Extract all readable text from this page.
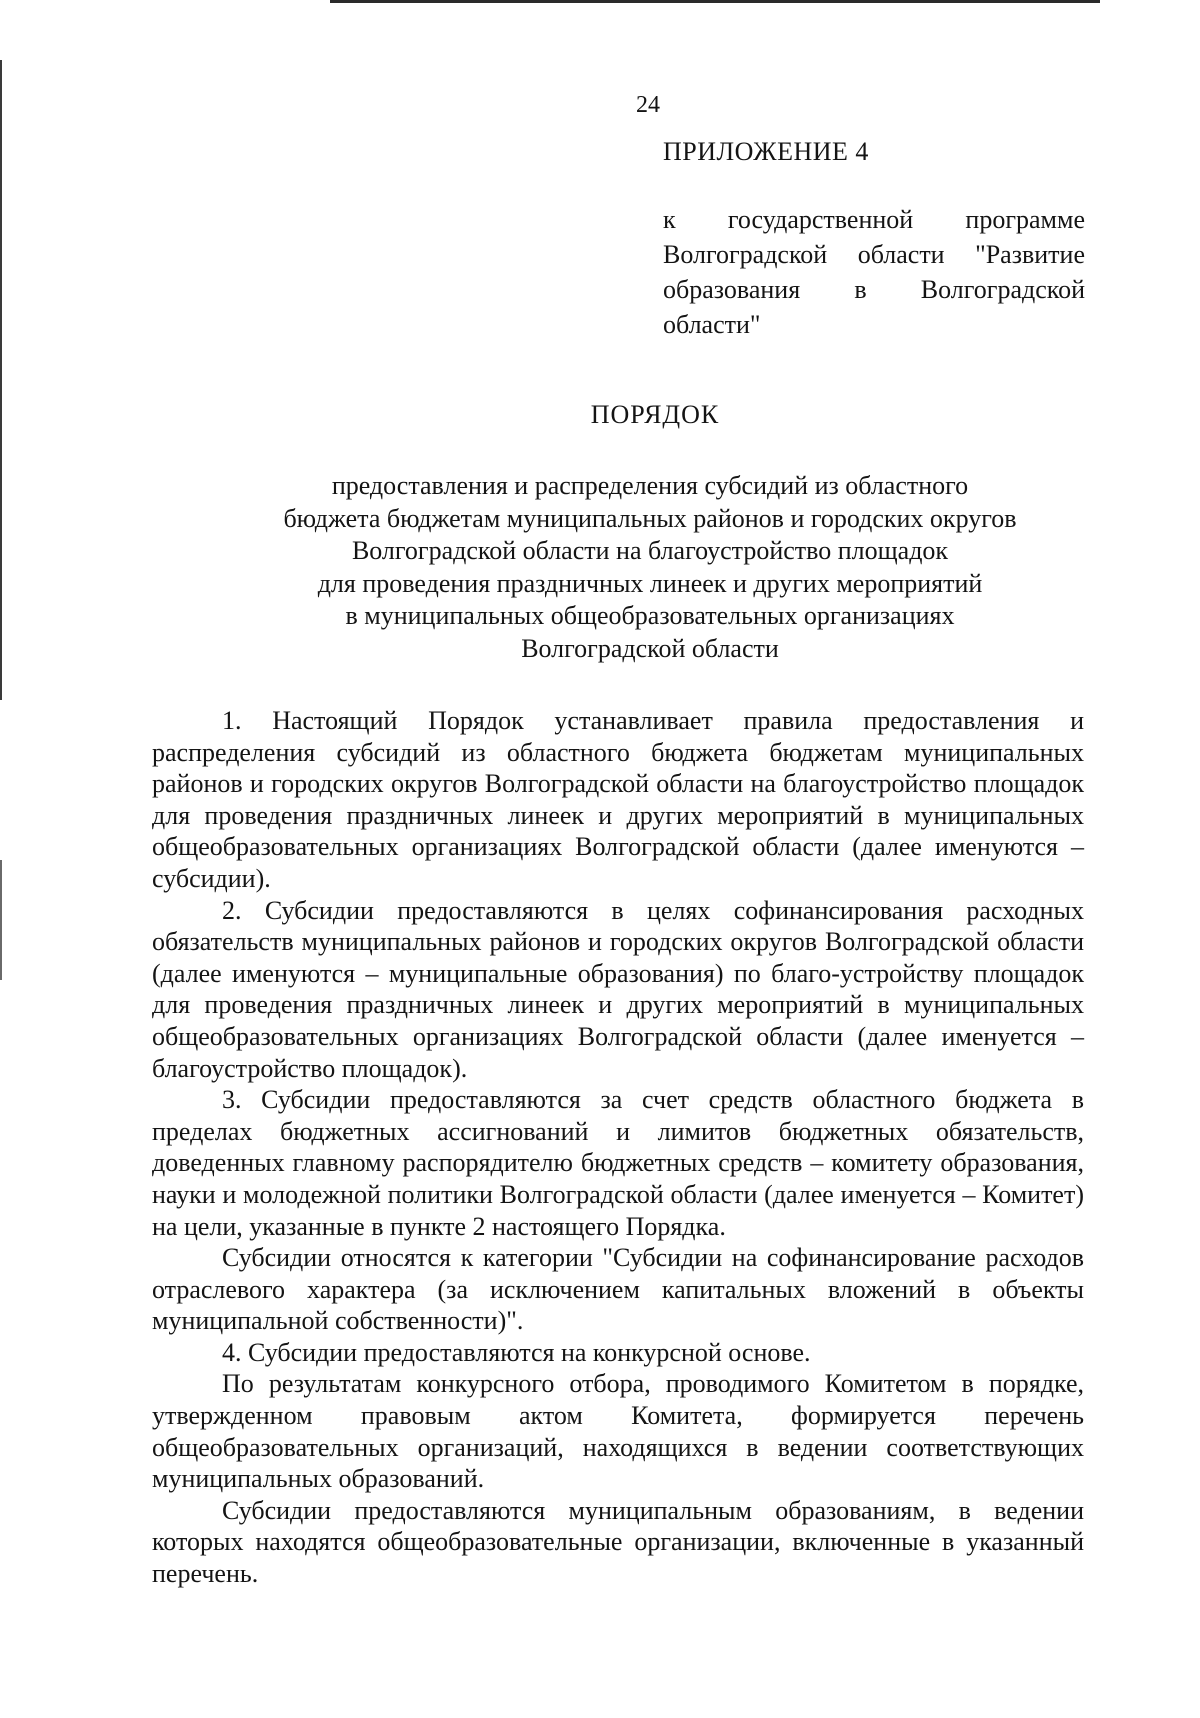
24
ПРИЛОЖЕНИЕ 4
к государственной программе Волгоградской области "Развитие образования в Волгоградской области"
ПОРЯДОК
предоставления и распределения субсидий из областного
бюджета бюджетам муниципальных районов и городских округов
Волгоградской области на благоустройство площадок
для проведения праздничных линеек и других мероприятий
в муниципальных общеобразовательных организациях
Волгоградской области

1. Настоящий Порядок устанавливает правила предоставления и распределения субсидий из областного бюджета бюджетам муниципальных районов и городских округов Волгоградской области на благоустройство площадок для проведения праздничных линеек и других мероприятий в муниципальных общеобразовательных организациях Волгоградской области (далее именуются – субсидии).

2. Субсидии предоставляются в целях софинансирования расходных обязательств муниципальных районов и городских округов Волгоградской области (далее именуются – муниципальные образования) по благо-устройству площадок для проведения праздничных линеек и других мероприятий в муниципальных общеобразовательных организациях Волгоградской области (далее именуется – благоустройство площадок).

3. Субсидии предоставляются за счет средств областного бюджета в пределах бюджетных ассигнований и лимитов бюджетных обязательств, доведенных главному распорядителю бюджетных средств – комитету образования, науки и молодежной политики Волгоградской области (далее именуется – Комитет) на цели, указанные в пункте 2 настоящего Порядка.

Субсидии относятся к категории "Субсидии на софинансирование расходов отраслевого характера (за исключением капитальных вложений в объекты муниципальной собственности)".

4. Субсидии предоставляются на конкурсной основе.

По результатам конкурсного отбора, проводимого Комитетом в порядке, утвержденном правовым актом Комитета, формируется перечень общеобразовательных организаций, находящихся в ведении соответствующих муниципальных образований.

Субсидии предоставляются муниципальным образованиям, в ведении которых находятся общеобразовательные организации, включенные в указанный перечень.
